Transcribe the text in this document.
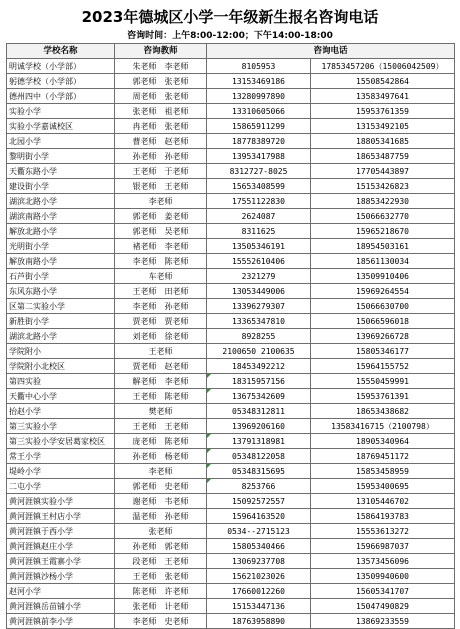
2023年德城区小学一年级新生报名咨询电话
咨询时间：上午8:00-12:00；下午14:00-18:00
学校名称	咨询教师	咨询电话	
明诚学校（小学部）	朱老师　李老师	8105953	17853457206（15006042509）
躬德学校（小学部）	郭老师　张老师	13153469186	15508542864
德州四中（小学部）	周老师　张老师	13280997890	13583497641
实验小学	张老师　祖老师	13310605066	15953761359
实验小学嘉诚校区	冉老师　张老师	15865911299	13153492105
北园小学	曹老师　赵老师	18778389720	18805341685
黎明街小学	孙老师　孙老师	13953417988	18653487759
天衢东路小学	王老师　于老师	8312727-8025	17705443897
建设街小学	银老师　王老师	15653408599	15153426823
湖滨北路小学	李老师	17551122830	18853422930
湖滨南路小学	郭老师　姜老师	2624087	15066632770
解放北路小学	郭老师　吴老师	8311625	15965218670
光明街小学	褚老师　李老师	13505346191	18954503161
解放南路小学	李老师　陈老师	15552610406	18561130034
石芦街小学	车老师	2321279	13509910406
东风东路小学	王老师　田老师	13053449006	15969264554
区第二实验小学	李老师　孙老师	13396279307	15066630700
新胜街小学	贾老师　贾老师	13365347810	15066596018
湖滨北路小学	刘老师　徐老师	8928255	13969266728
学院附小	王老师	2100650 2100635	15805346177
学院附小北校区	贾老师　赵老师	18453492212	15964155752
第四实验	解老师　李老师	18315957156	15550459991
天衢中心小学	王老师　陈老师	13675342609	15953761391
抬赵小学	樊老师	05348312811	18653438682
第三实验小学	王老师　王老师	13969206160	13583416715（2100798）
第三实验小学安居葛家校区	庞老师　陈老师	13791318981	18905340964
常王小学	孙老师　杨老师	05348122058	18769451172
堤岭小学	李老师	05348315695	15853458959
二屯小学	郭老师　史老师	8253766	15953400695
黄河涯镇实验小学	谢老师　韦老师	15092572557	13105446702
黄河涯镇王村店小学	温老师　孙老师	15964163520	15864193783
黄河涯镇于西小学	张老师	0534--2715123	15553613272
黄河涯镇赵庄小学	孙老师　郭老师	15805340466	15966987037
黄河涯镇王霞寨小学	段老师　王老师	13069237708	13573456096
黄河涯镇沙杨小学	王老师　张老师	15621023026	13509940600
赵河小学	陈老师　许老师	17660012260	15605341707
黄河涯镇岳苗铺小学	张老师　计老师	15153447136	15047490829
黄河涯镇前李小学	李老师　史老师	18763958890	13869233559
